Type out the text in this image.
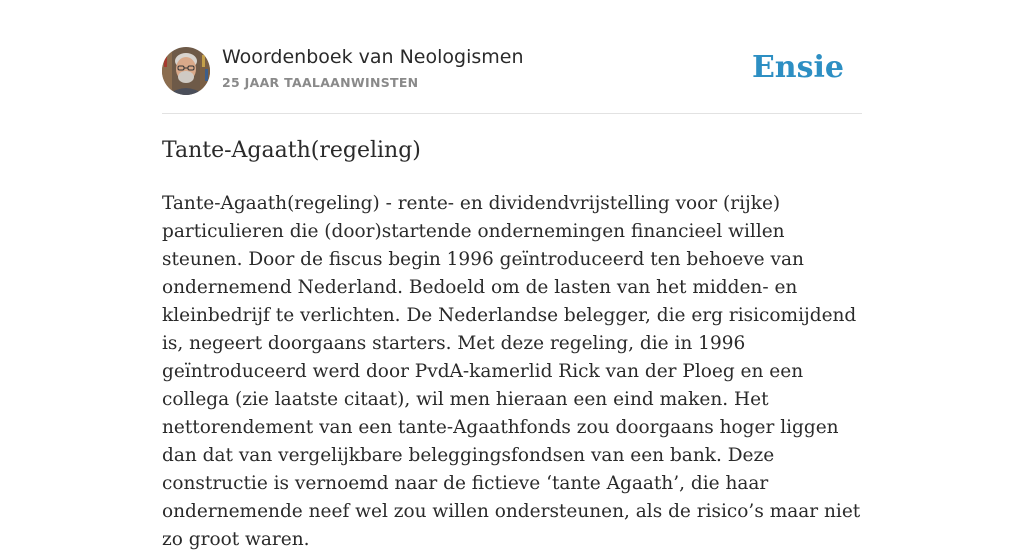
Woordenboek van Neologismen
25 JAAR TAALAANWINSTEN	Ensie
Tante-Agaath(regeling)

Tante-Agaath(regeling) - rente- en dividendvrijstelling voor (rijke) particulieren die (door)startende ondernemingen financieel willen steunen. Door de fiscus begin 1996 geïntroduceerd ten behoeve van ondernemend Nederland. Bedoeld om de lasten van het midden- en kleinbedrijf te verlichten. De Nederlandse belegger, die erg risicomijdend is, negeert doorgaans starters. Met deze regeling, die in 1996 geïntroduceerd werd door PvdA-kamerlid Rick van der Ploeg en een collega (zie laatste citaat), wil men hieraan een eind maken. Het nettorendement van een tante-Agaathfonds zou doorgaans hoger liggen dan dat van vergelijkbare beleggingsfondsen van een bank. Deze constructie is vernoemd naar de fictieve ‘tante Agaath’, die haar ondernemende neef wel zou willen ondersteunen, als de risico’s maar niet zo groot waren.
